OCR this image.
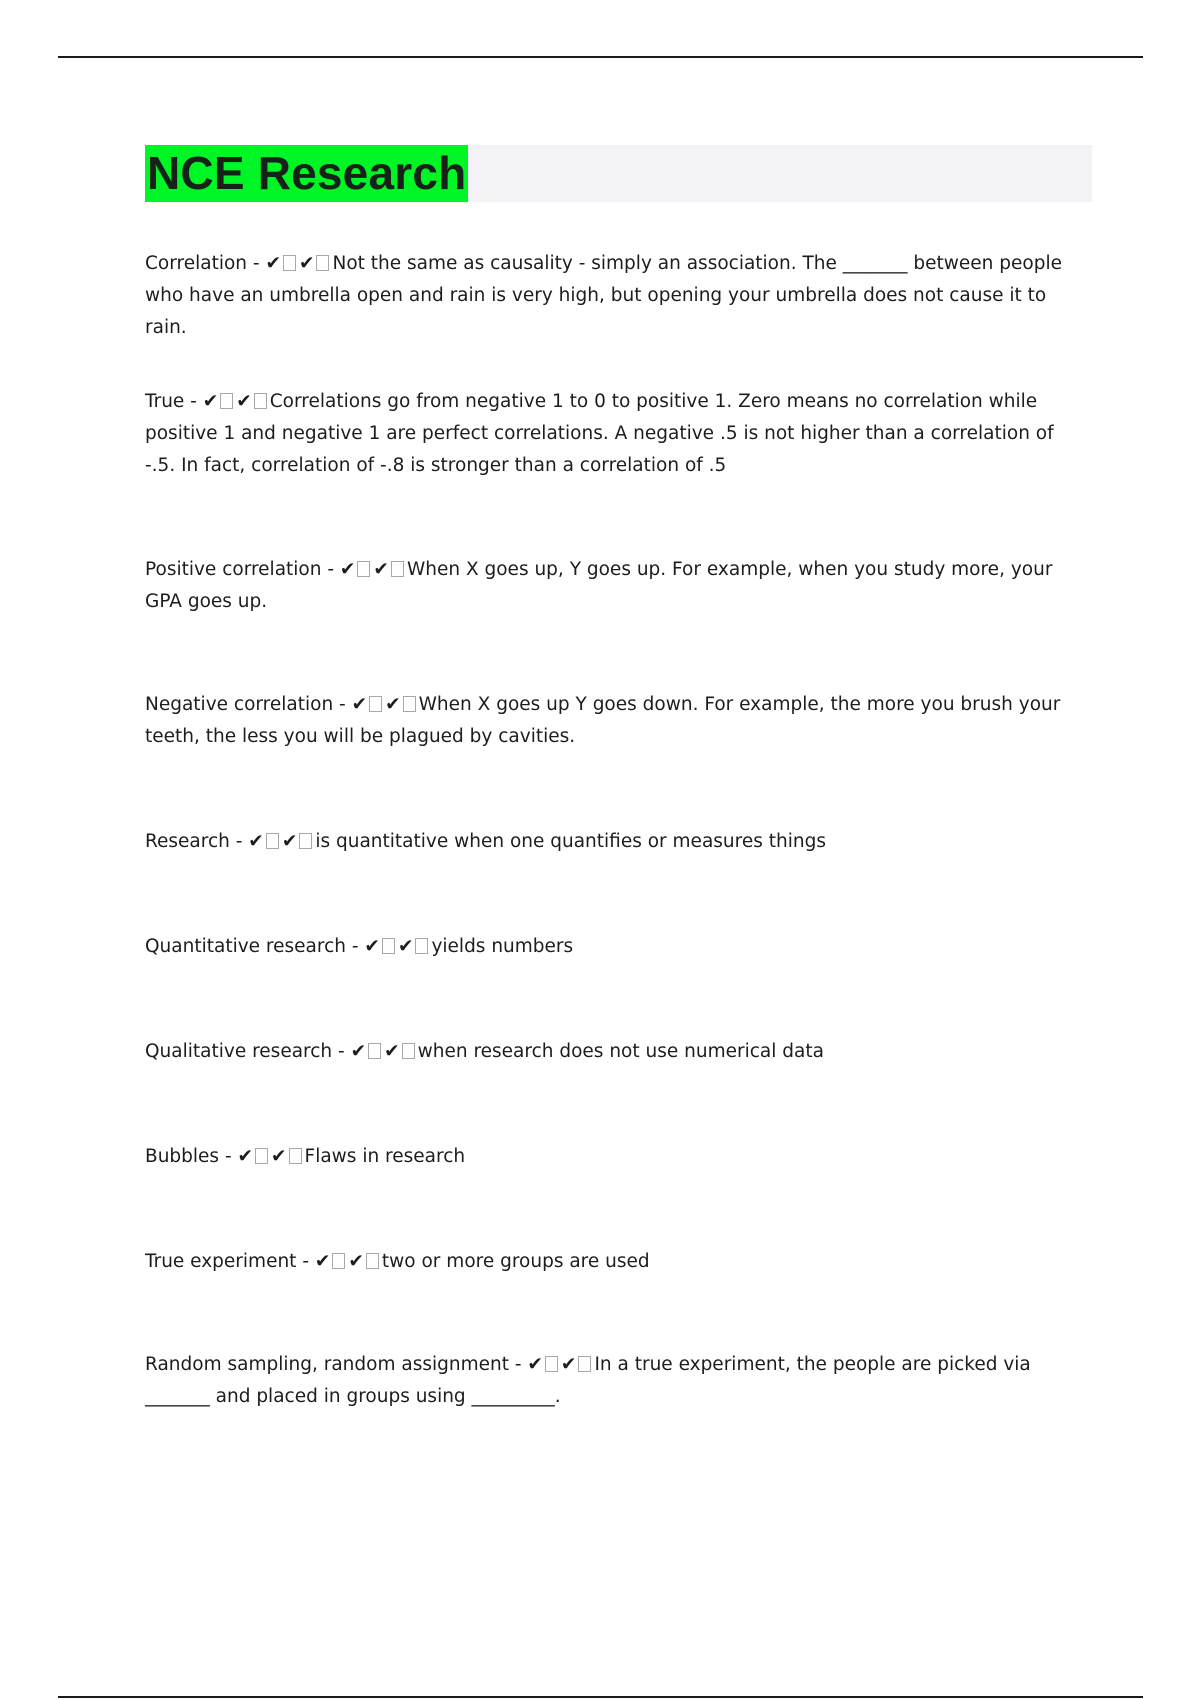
NCE Research

Correlation - ✔ ✔ Not the same as causality - simply an association. The _______ between people who have an umbrella open and rain is very high, but opening your umbrella does not cause it to rain.

True - ✔ ✔ Correlations go from negative 1 to 0 to positive 1. Zero means no correlation while positive 1 and negative 1 are perfect correlations. A negative .5 is not higher than a correlation of -.5. In fact, correlation of -.8 is stronger than a correlation of .5

Positive correlation - ✔ ✔ When X goes up, Y goes up. For example, when you study more, your GPA goes up.

Negative correlation - ✔ ✔ When X goes up Y goes down. For example, the more you brush your teeth, the less you will be plagued by cavities.

Research - ✔ ✔ is quantitative when one quantifies or measures things

Quantitative research - ✔ ✔ yields numbers

Qualitative research - ✔ ✔ when research does not use numerical data

Bubbles - ✔ ✔ Flaws in research

True experiment - ✔ ✔ two or more groups are used

Random sampling, random assignment - ✔ ✔ In a true experiment, the people are picked via _______ and placed in groups using _________.
